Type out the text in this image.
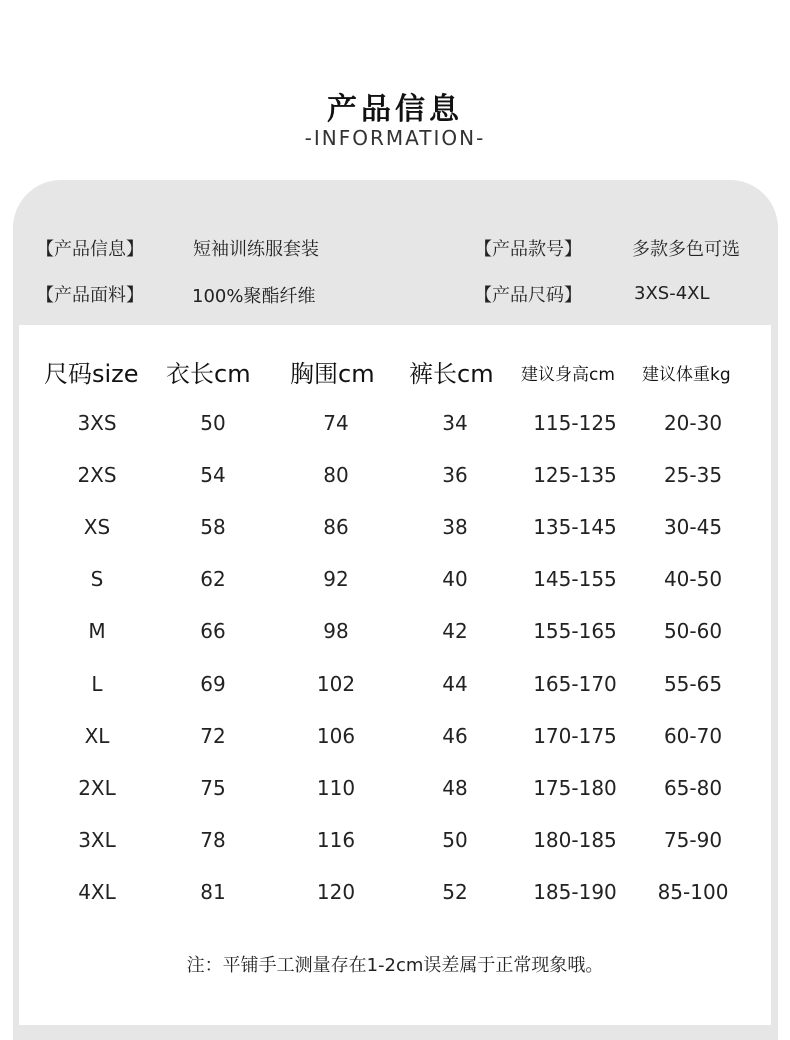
产品信息
-INFORMATION-
【产品信息】	短袖训练服套装	【产品款号】	多款多色可选
【产品面料】	100%聚酯纤维	【产品尺码】	3XS-4XL
尺码size 衣长cm 胸围cm 裤长cm 建议身高cm 建议体重kg
3XS	50	74	34	115-125 20-30
2XS	54	80	36	125-135 25-35
XS	58	86	38	135-145 30-45
S	62	92	40	145-155 40-50
M	66	98	42	155-165 50-60
L	69	102	44	165-170 55-65
XL	72	106	46	170-175 60-70
2XL	75	110	48	175-180 65-80
3XL	78	116	50	180-185 75-90
4XL	81	120	52	185-190 85-100
注：平铺手工测量存在1-2cm误差属于正常现象哦。
